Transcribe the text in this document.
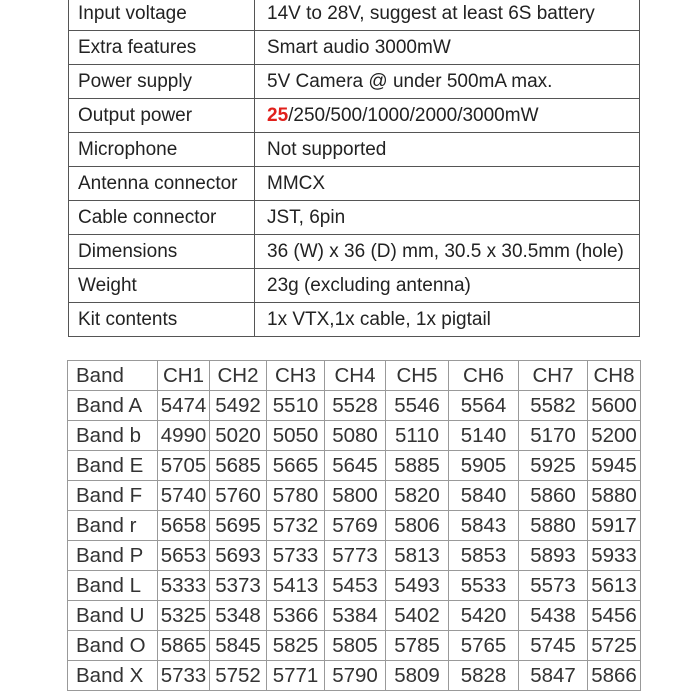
Input voltage	14V to 28V, suggest at least 6S battery
Extra features	Smart audio 3000mW
Power supply	5V Camera @ under 500mA max.
Output power	25/250/500/1000/2000/3000mW
Microphone	Not supported
Antenna connector	MMCX
Cable connector	JST, 6pin
Dimensions	36 (W) x 36 (D) mm, 30.5 x 30.5mm (hole)
Weight	23g (excluding antenna)
Kit contents	1x VTX,1x cable, 1x pigtail
Band	CH1	CH2	CH3	CH4	CH5	CH6	CH7	CH8
Band A	5474	5492	5510	5528	5546	5564	5582	5600
Band b	4990	5020	5050	5080	5110	5140	5170	5200
Band E	5705	5685	5665	5645	5885	5905	5925	5945
Band F	5740	5760	5780	5800	5820	5840	5860	5880
Band r	5658	5695	5732	5769	5806	5843	5880	5917
Band P	5653	5693	5733	5773	5813	5853	5893	5933
Band L	5333	5373	5413	5453	5493	5533	5573	5613
Band U	5325	5348	5366	5384	5402	5420	5438	5456
Band O	5865	5845	5825	5805	5785	5765	5745	5725
Band X	5733	5752	5771	5790	5809	5828	5847	5866
